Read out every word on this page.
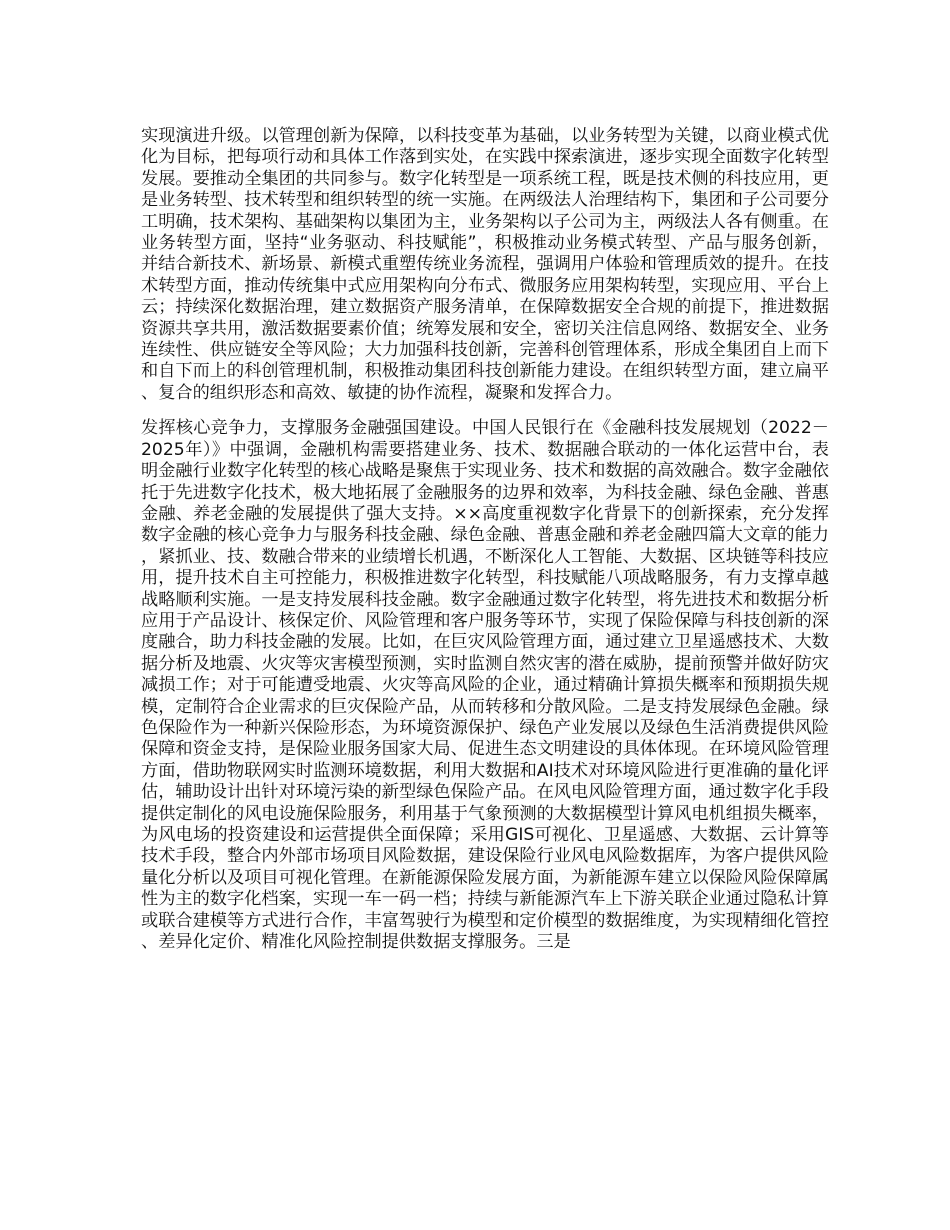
实现演进升级。以管理创新为保障，以科技变革为基础，以业务转型为关键，以商业模式优化为目标，把每项行动和具体工作落到实处，在实践中探索演进，逐步实现全面数字化转型发展。要推动全集团的共同参与。数字化转型是一项系统工程，既是技术侧的科技应用，更是业务转型、技术转型和组织转型的统一实施。在两级法人治理结构下，集团和子公司要分工明确，技术架构、基础架构以集团为主，业务架构以子公司为主，两级法人各有侧重。在业务转型方面，坚持“业务驱动、科技赋能”，积极推动业务模式转型、产品与服务创新，并结合新技术、新场景、新模式重塑传统业务流程，强调用户体验和管理质效的提升。在技术转型方面，推动传统集中式应用架构向分布式、微服务应用架构转型，实现应用、平台上云；持续深化数据治理，建立数据资产服务清单，在保障数据安全合规的前提下，推进数据资源共享共用，激活数据要素价值；统筹发展和安全，密切关注信息网络、数据安全、业务连续性、供应链安全等风险；大力加强科技创新，完善科创管理体系，形成全集团自上而下和自下而上的科创管理机制，积极推动集团科技创新能力建设。在组织转型方面，建立扁平、复合的组织形态和高效、敏捷的协作流程，凝聚和发挥合力。

发挥核心竞争力，支撑服务金融强国建设。中国人民银行在《金融科技发展规划（2022－2025年）》中强调，金融机构需要搭建业务、技术、数据融合联动的一体化运营中台，表明金融行业数字化转型的核心战略是聚焦于实现业务、技术和数据的高效融合。数字金融依托于先进数字化技术，极大地拓展了金融服务的边界和效率，为科技金融、绿色金融、普惠金融、养老金融的发展提供了强大支持。××高度重视数字化背景下的创新探索，充分发挥数字金融的核心竞争力与服务科技金融、绿色金融、普惠金融和养老金融四篇大文章的能力，紧抓业、技、数融合带来的业绩增长机遇，不断深化人工智能、大数据、区块链等科技应用，提升技术自主可控能力，积极推进数字化转型，科技赋能八项战略服务，有力支撑卓越战略顺利实施。一是支持发展科技金融。数字金融通过数字化转型，将先进技术和数据分析应用于产品设计、核保定价、风险管理和客户服务等环节，实现了保险保障与科技创新的深度融合，助力科技金融的发展。比如，在巨灾风险管理方面，通过建立卫星遥感技术、大数据分析及地震、火灾等灾害模型预测，实时监测自然灾害的潜在威胁，提前预警并做好防灾减损工作；对于可能遭受地震、火灾等高风险的企业，通过精确计算损失概率和预期损失规模，定制符合企业需求的巨灾保险产品，从而转移和分散风险。二是支持发展绿色金融。绿色保险作为一种新兴保险形态，为环境资源保护、绿色产业发展以及绿色生活消费提供风险保障和资金支持，是保险业服务国家大局、促进生态文明建设的具体体现。在环境风险管理方面，借助物联网实时监测环境数据，利用大数据和AI技术对环境风险进行更准确的量化评估，辅助设计出针对环境污染的新型绿色保险产品。在风电风险管理方面，通过数字化手段提供定制化的风电设施保险服务，利用基于气象预测的大数据模型计算风电机组损失概率，为风电场的投资建设和运营提供全面保障；采用GIS可视化、卫星遥感、大数据、云计算等技术手段，整合内外部市场项目风险数据，建设保险行业风电风险数据库，为客户提供风险量化分析以及项目可视化管理。在新能源保险发展方面，为新能源车建立以保险风险保障属性为主的数字化档案，实现一车一码一档；持续与新能源汽车上下游关联企业通过隐私计算或联合建模等方式进行合作，丰富驾驶行为模型和定价模型的数据维度，为实现精细化管控、差异化定价、精准化风险控制提供数据支撑服务。三是
